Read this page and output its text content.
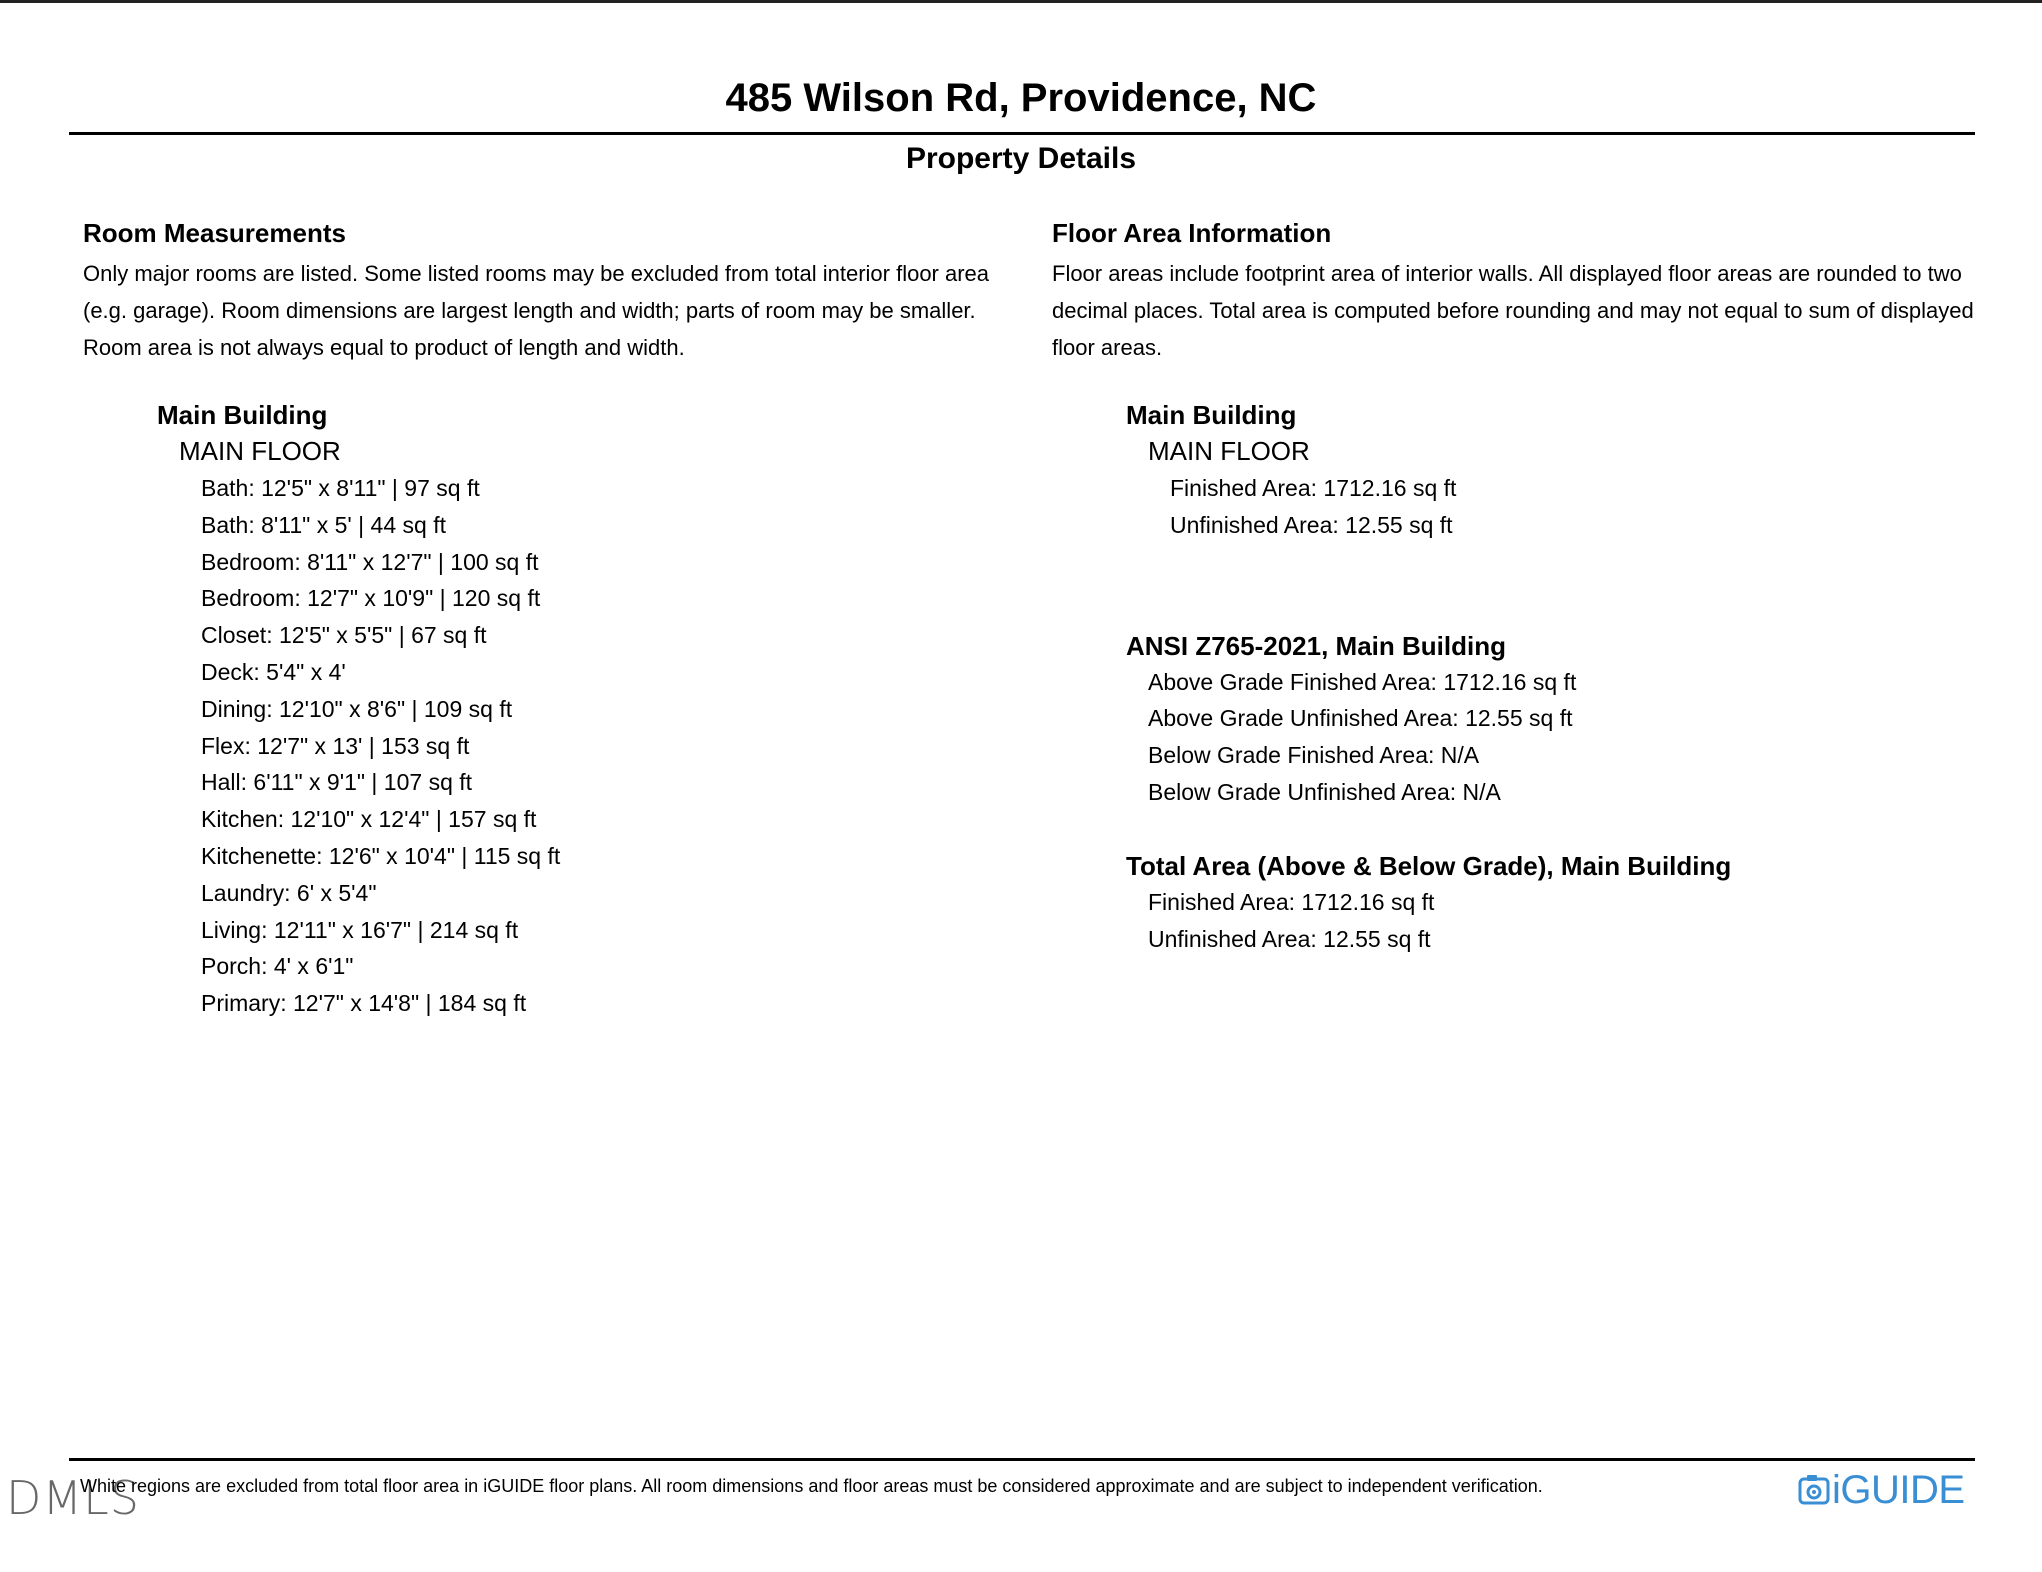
485 Wilson Rd, Providence, NC
Property Details
Room Measurements

Only major rooms are listed. Some listed rooms may be excluded from total interior floor area (e.g. garage). Room dimensions are largest length and width; parts of room may be smaller. Room area is not always equal to product of length and width.

Main Building
MAIN FLOOR
Bath: 12'5" x 8'11" | 97 sq ft
Bath: 8'11" x 5' | 44 sq ft
Bedroom: 8'11" x 12'7" | 100 sq ft
Bedroom: 12'7" x 10'9" | 120 sq ft
Closet: 12'5" x 5'5" | 67 sq ft
Deck: 5'4" x 4'
Dining: 12'10" x 8'6" | 109 sq ft
Flex: 12'7" x 13' | 153 sq ft
Hall: 6'11" x 9'1" | 107 sq ft
Kitchen: 12'10" x 12'4" | 157 sq ft
Kitchenette: 12'6" x 10'4" | 115 sq ft
Laundry: 6' x 5'4"
Living: 12'11" x 16'7" | 214 sq ft
Porch: 4' x 6'1"
Primary: 12'7" x 14'8" | 184 sq ft
Floor Area Information

Floor areas include footprint area of interior walls. All displayed floor areas are rounded to two decimal places. Total area is computed before rounding and may not equal to sum of displayed floor areas.

Main Building
MAIN FLOOR
Finished Area: 1712.16 sq ft
Unfinished Area: 12.55 sq ft
ANSI Z765-2021, Main Building
Above Grade Finished Area: 1712.16 sq ft
Above Grade Unfinished Area: 12.55 sq ft
Below Grade Finished Area: N/A
Below Grade Unfinished Area: N/A
Total Area (Above & Below Grade), Main Building
Finished Area: 1712.16 sq ft
Unfinished Area: 12.55 sq ft
DMLS
White regions are excluded from total floor area in iGUIDE floor plans. All room dimensions and floor areas must be considered approximate and are subject to independent verification.	iGUIDE
